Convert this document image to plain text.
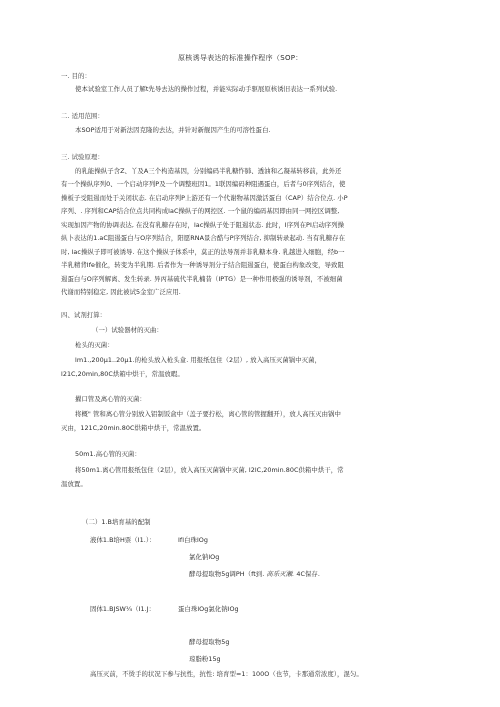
原核诱导表达的标准操作程序（SOP：
一. 目的：
使本试验室工作人员了解t先导去达的操作过程，并能实际动手驱展原核诱旧表达一系列试验.
二. 适用范围：
本SOP适用于对新法因克隆的去达，并针对新舰因产生的可溶性蛋白.
三. 试验原理：
的乳能操纵子含Z、丫及A三个构造基因，分别编码半乳糖怍肺、透油和乙凝基转移前，此外还
有一个操纵序列0、一个启动序列P及一个调整班因1。1联因编码种阻遇蛋白，后者与0序列结合，使
操板子受阻遏而处于关闭状态. 在启动序列P上游还有一个代谢物基因激活蛋白（CAP）结合位点. 小P
序列、. 序列和CAP结合位点共同构成laC操纵子的网控区. 一个鼠的编码基因即由同一网控区调整,
实现加因产物的协调表达, 在没有乳糖存在时，lac操纵子处于阻遏状态. 此时，I序列在PI启动序列操
纵卜表达的1.aC阻遏蛋白与O序列结合，阳愿RNA景合酷与P序列结合, 抑制转录起动. 当有乳糖存在
时, lac操纵子即可被诱导. 在这个操纵子体系中，莫正的法导剂并非乳糖本身. 乳越进入细胞，经b一
半乳精背Ife催化，转变为半乳期. 后者作为一种诱导剂分子结合阻遏蛋白，使蛋白构象改变，导致阻
遏蛋白与O序列解离、发生转录. 异丙基硫代半乳楠昔（IPTG）是一种作用极强的诱导剂，不被细菌
代谢而特别稳定, 因此被试5金室广泛应用.
四、试剂打算：
（一）试验器材的灭曲：
枪头的灭菌：
lm1.,200μ1..20μ1.的枪头放入枪头盒. 用报纸包住（2层）, 放入高压灭菌锅中灭菌，
l21C,20min,80C烘箱中烘干，常温放暇。
擢口管及离心管的灭菌：
将概" 管和离心管分别放入铝制饭盒中（盖子要拧松，离心管的管握翻开），放人高压灭由锅中
灭由，121C,20min.80C烘箱中烘干，常温放置。
50m1.高心管的灭菌：
将50m1.离心管用报纸包住（2层），放入高压灭菌锅中灭菌, l2lC,20min.80C供箱中烘干，常
温放置。
（二）1.B培育基的配制
液体1.B培H票（I1.）：	Ifl白珠lOg
氯化钠lOg
酵母提取物5g调PH（ft到. 高乐灭瀬. 4C保存.
固体1.BJSW¼（I1.J：	蛋白珠lOg氯化钠lOg
酵母提取物5g
琼脂粉15g
高压灭前，不烫手的状况下参与抗性，抗性: 培育型=1：100O（也节，卡那通常浓度），混匀。
